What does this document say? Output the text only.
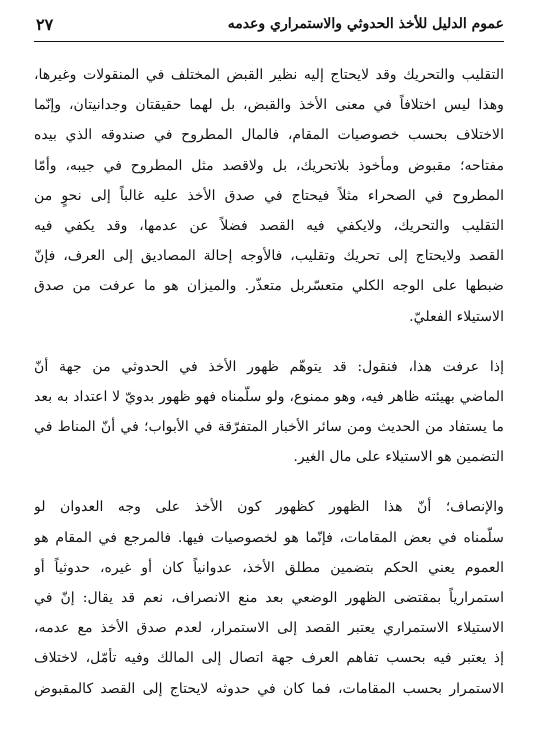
عموم الدليل للأخذ الحدوثي والاستمراري وعدمه
٢٧
التقليب والتحريك وقد لايحتاج إليه نظير القبض المختلف في المنقولات وغيرها،
وهذا ليس اختلافاً في معنى الأخذ والقبض، بل لهما حقيقتان وجدانيتان، وإنّما
الاختلاف بحسب خصوصيات المقام، فالمال المطروح في صندوقه الذي بيده
مفتاحه؛ مقبوض ومأخوذ بلاتحريك، بل ولاقصد مثل المطروح في جيبه، وأمّا
المطروح في الصحراء مثلاً فيحتاج في صدق الأخذ عليه غالباً إلى نحوٍ من
التقليب والتحريك، ولايكفي فيه القصد فضلاً عن عدمها، وقد يكفي فيه
القصد ولايحتاج إلى تحريك وتقليب، فالأوجه إحالة المصاديق إلى العرف، فإنّ
ضبطها على الوجه الكلي متعسّربل متعذّر. والميزان هو ما عرفت من صدق
الاستيلاء الفعليّ.
إذا عرفت هذا، فنقول: قد يتوهّم ظهور الأخذ في الحدوثي من جهة أنّ
الماضي بهيئته ظاهر فيه، وهو ممنوع، ولو سلّمناه فهو ظهور بدويّ لا اعتداد به بعد
ما يستفاد من الحديث ومن سائر الأخبار المتفرّقة في الأبواب؛ في أنّ المناط في
التضمين هو الاستيلاء على مال الغير.
والإنصاف؛ أنّ هذا الظهور كظهور كون الأخذ على وجه العدوان لو
سلّمناه في بعض المقامات، فإنّما هو لخصوصيات فيها. فالمرجع في المقام هو
العموم يعني الحكم بتضمين مطلق الأخذ، عدوانياً كان أو غيره، حدوثياً أو
استمرارياً بمقتضى الظهور الوضعي بعد منع الانصراف، نعم قد يقال: إنّ في
الاستيلاء الاستمراري يعتبر القصد إلى الاستمرار، لعدم صدق الأخذ مع عدمه،
إذ يعتبر فيه بحسب تفاهم العرف جهة اتصال إلى المالك وفيه تأمّل، لاختلاف
الاستمرار بحسب المقامات، فما كان في حدوثه لايحتاج إلى القصد كالمقبوض
